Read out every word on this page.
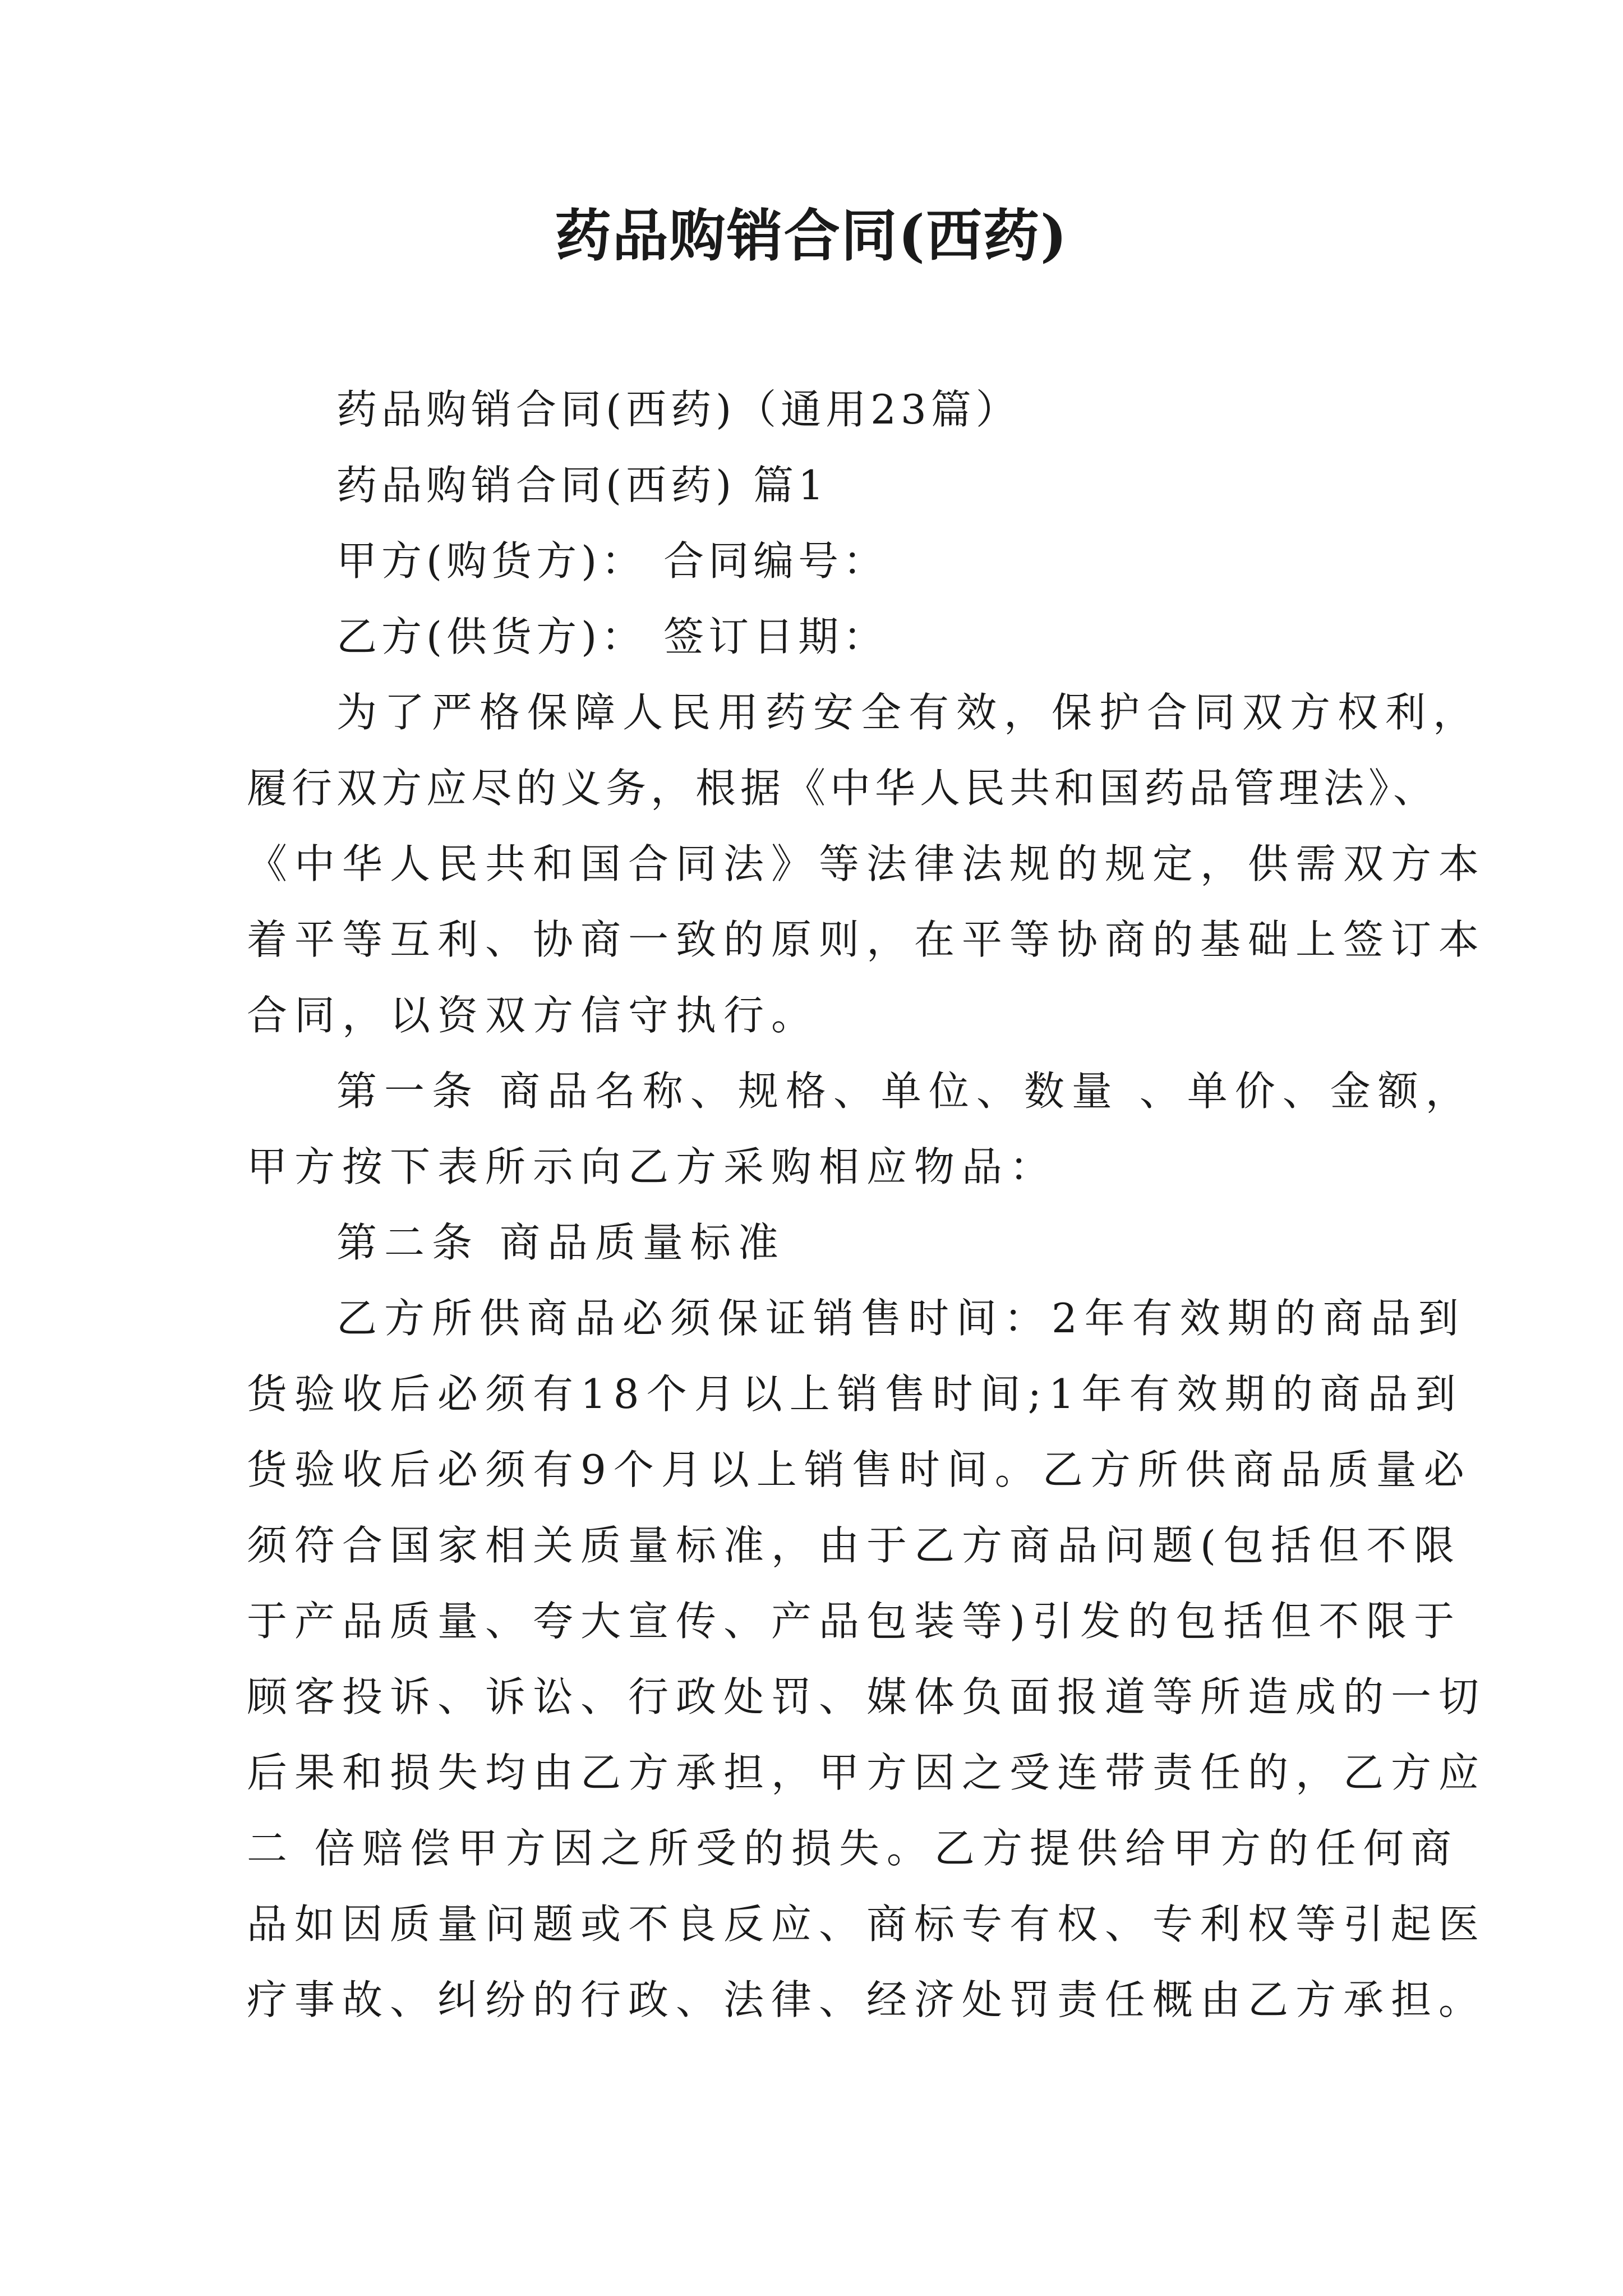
药品购销合同(西药)
药品购销合同(西药)（通用23篇）
药品购销合同(西药) 篇1
甲方(购货方)： 合同编号：
乙方(供货方)： 签订日期：
为了严格保障人民用药安全有效，保护合同双方权利，
履行双方应尽的义务，根据《中华人民共和国药品管理法》、
《中华人民共和国合同法》等法律法规的规定，供需双方本
着平等互利、协商一致的原则，在平等协商的基础上签订本
合同，以资双方信守执行。
第一条 商品名称、规格、单位、数量 、单价、金额，
甲方按下表所示向乙方采购相应物品：
第二条 商品质量标准
乙方所供商品必须保证销售时间：2年有效期的商品到
货验收后必须有18个月以上销售时间;1年有效期的商品到
货验收后必须有9个月以上销售时间。乙方所供商品质量必
须符合国家相关质量标准，由于乙方商品问题(包括但不限
于产品质量、夸大宣传、产品包装等)引发的包括但不限于
顾客投诉、诉讼、行政处罚、媒体负面报道等所造成的一切
后果和损失均由乙方承担，甲方因之受连带责任的，乙方应
二 倍赔偿甲方因之所受的损失。乙方提供给甲方的任何商
品如因质量问题或不良反应、商标专有权、专利权等引起医
疗事故、纠纷的行政、法律、经济处罚责任概由乙方承担。
